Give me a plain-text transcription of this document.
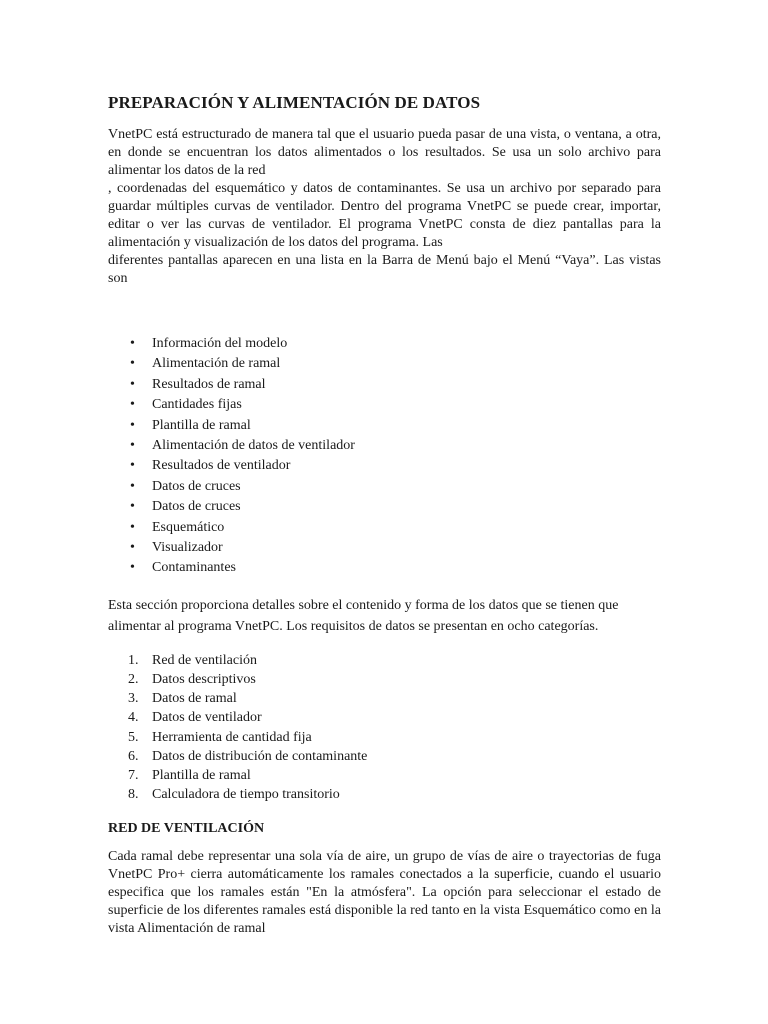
PREPARACIÓN Y ALIMENTACIÓN DE DATOS

VnetPC está estructurado de manera tal que el usuario pueda pasar de una vista, o ventana, a otra, en donde se encuentran los datos alimentados o los resultados. Se usa un solo archivo para alimentar los datos de la red

, coordenadas del esquemático y datos de contaminantes. Se usa un archivo por separado para guardar múltiples curvas de ventilador. Dentro del programa VnetPC se puede crear, importar, editar o ver las curvas de ventilador. El programa VnetPC consta de diez pantallas para la alimentación y visualización de los datos del programa. Las

diferentes pantallas aparecen en una lista en la Barra de Menú bajo el Menú “Vaya”. Las vistas son

• Información del modelo
• Alimentación de ramal
• Resultados de ramal
• Cantidades fijas
• Plantilla de ramal
• Alimentación de datos de ventilador
• Resultados de ventilador
• Datos de cruces
• Datos de cruces
• Esquemático
• Visualizador
• Contaminantes

Esta sección proporciona detalles sobre el contenido y forma de los datos que se tienen que alimentar al programa VnetPC. Los requisitos de datos se presentan en ocho categorías.

1. Red de ventilación
2. Datos descriptivos
3. Datos de ramal
4. Datos de ventilador
5. Herramienta de cantidad fija
6. Datos de distribución de contaminante
7. Plantilla de ramal
8. Calculadora de tiempo transitorio
RED DE VENTILACIÓN

Cada ramal debe representar una sola vía de aire, un grupo de vías de aire o trayectorias de fuga VnetPC Pro+ cierra automáticamente los ramales conectados a la superficie, cuando el usuario especifica que los ramales están "En la atmósfera". La opción para seleccionar el estado de superficie de los diferentes ramales está disponible la red tanto en la vista Esquemático como en la vista Alimentación de ramal
